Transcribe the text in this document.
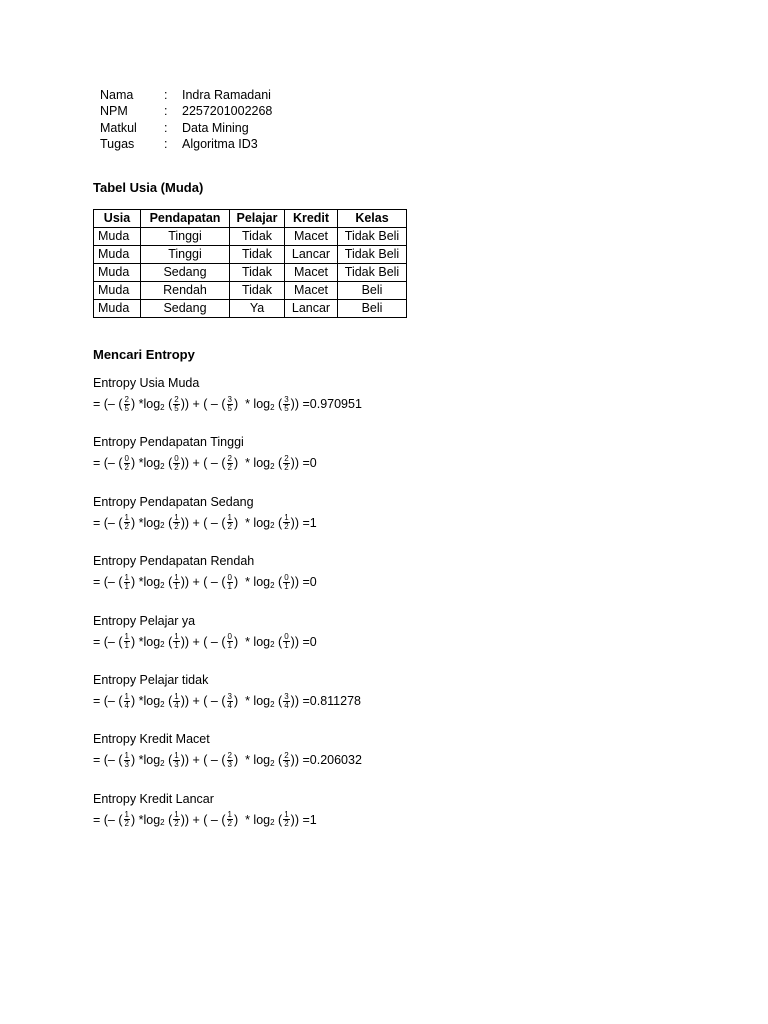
Nama	:	Indra Ramadani
NPM	:	2257201002268
Matkul	:	Data Mining
Tugas	:	Algoritma ID3
Tabel Usia (Muda)
Usia	Pendapatan	Pelajar	Kredit	Kelas
Muda	Tinggi	Tidak	Macet	Tidak Beli
Muda	Tinggi	Tidak	Lancar	Tidak Beli
Muda	Sedang	Tidak	Macet	Tidak Beli
Muda	Rendah	Tidak	Macet	Beli
Muda	Sedang	Ya	Lancar	Beli
Mencari Entropy
Entropy Usia Muda
= (– ( $\frac{2}{5}$ ) *log 2 ( $\frac{2}{5}$ )) + ( – ( $\frac{3}{5}$ )  * log 2 ( $\frac{3}{5}$ )) = 0.970951
Entropy Pendapatan Tinggi
= (– ( $\frac{0}{2}$ ) *log 2 ( $\frac{0}{2}$ )) + ( – ( $\frac{2}{2}$ )  * log 2 ( $\frac{2}{2}$ )) = 0
Entropy Pendapatan Sedang
= (– ( $\frac{1}{2}$ ) *log 2 ( $\frac{1}{2}$ )) + ( – ( $\frac{1}{2}$ )  * log 2 ( $\frac{1}{2}$ )) = 1
Entropy Pendapatan Rendah
= (– ( $\frac{1}{1}$ ) *log 2 ( $\frac{1}{1}$ )) + ( – ( $\frac{0}{1}$ )  * log 2 ( $\frac{0}{1}$ )) = 0
Entropy Pelajar ya
= (– ( $\frac{1}{1}$ ) *log 2 ( $\frac{1}{1}$ )) + ( – ( $\frac{0}{1}$ )  * log 2 ( $\frac{0}{1}$ )) = 0
Entropy Pelajar tidak
= (– ( $\frac{1}{4}$ ) *log 2 ( $\frac{1}{4}$ )) + ( – ( $\frac{3}{4}$ )  * log 2 ( $\frac{3}{4}$ )) = 0.811278
Entropy Kredit Macet
= (– ( $\frac{1}{3}$ ) *log 2 ( $\frac{1}{3}$ )) + ( – ( $\frac{2}{3}$ )  * log 2 ( $\frac{2}{3}$ )) = 0.206032
Entropy Kredit Lancar
= (– ( $\frac{1}{2}$ ) *log 2 ( $\frac{1}{2}$ )) + ( – ( $\frac{1}{2}$ )  * log 2 ( $\frac{1}{2}$ )) = 1
